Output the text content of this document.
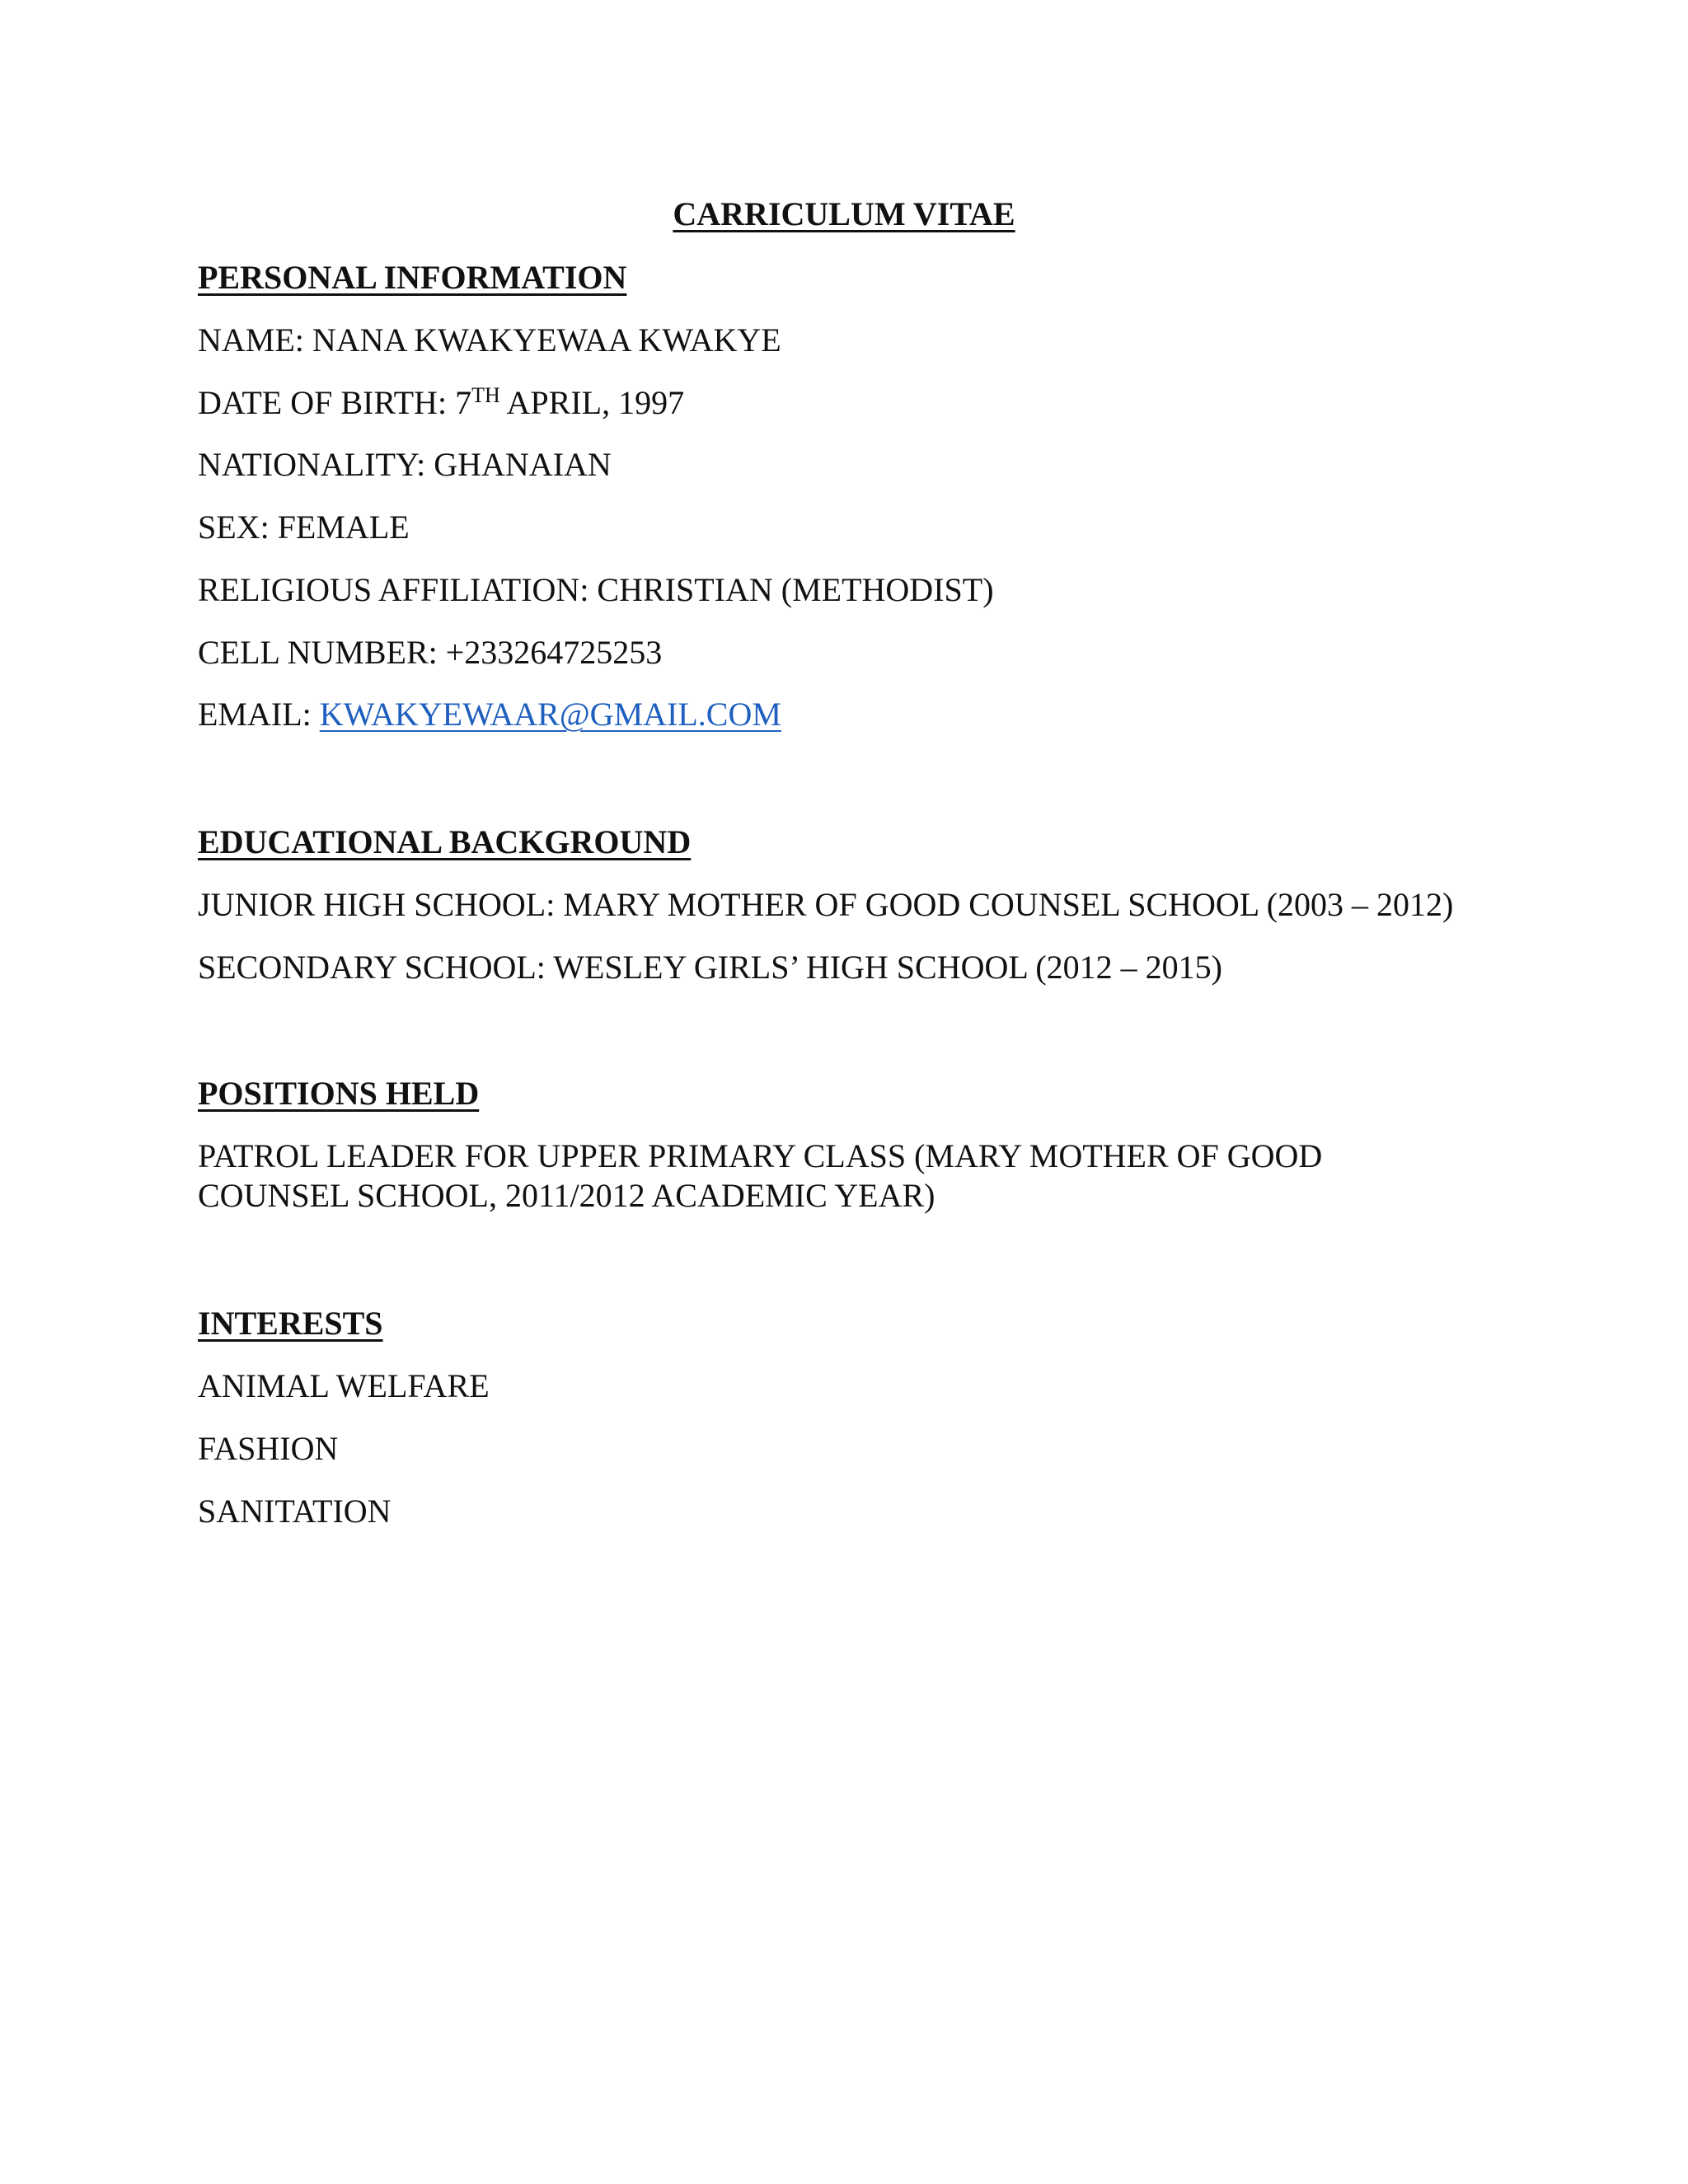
CARRICULUM VITAE

PERSONAL INFORMATION

NAME: NANA KWAKYEWAA KWAKYE

DATE OF BIRTH: 7TH APRIL, 1997

NATIONALITY: GHANAIAN

SEX: FEMALE

RELIGIOUS AFFILIATION: CHRISTIAN (METHODIST)

CELL NUMBER: +233264725253

EMAIL: KWAKYEWAAR@GMAIL.COM

EDUCATIONAL BACKGROUND

JUNIOR HIGH SCHOOL: MARY MOTHER OF GOOD COUNSEL SCHOOL (2003 – 2012)

SECONDARY SCHOOL: WESLEY GIRLS’ HIGH SCHOOL (2012 – 2015)

POSITIONS HELD

PATROL LEADER FOR UPPER PRIMARY CLASS (MARY MOTHER OF GOOD

COUNSEL SCHOOL, 2011/2012 ACADEMIC YEAR)

INTERESTS

ANIMAL WELFARE

FASHION

SANITATION
